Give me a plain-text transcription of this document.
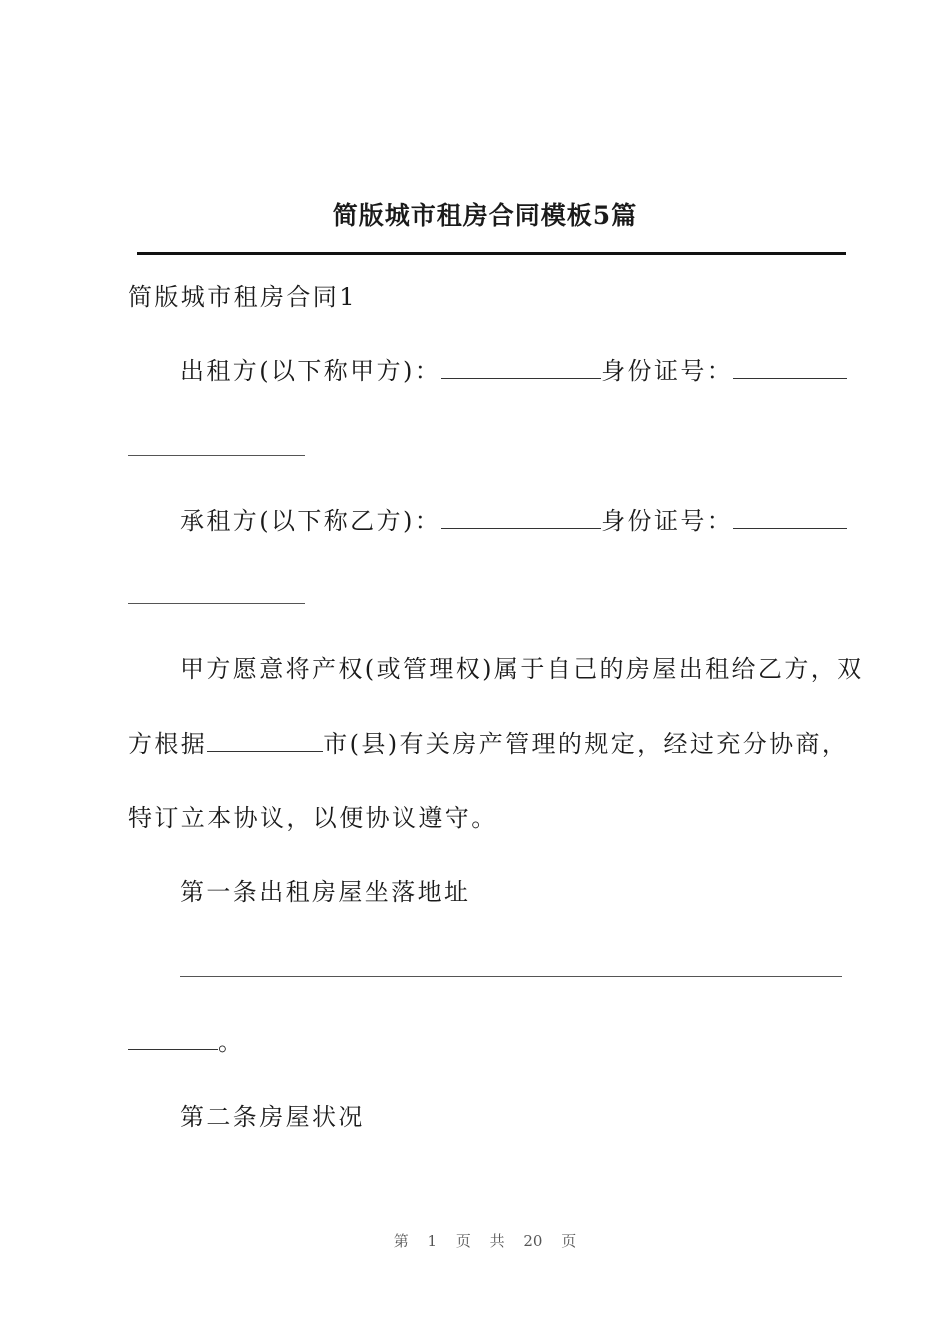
简版城市租房合同模板5篇
简版城市租房合同1
出租方(以下称甲方)：	身份证号：
承租方(以下称乙方)：	身份证号：
甲方愿意将产权(或管理权)属于自己的房屋出租给乙方，双
方根据	市(县)有关房产管理的规定，经过充分协商，
特订立本协议，以便协议遵守。
第一条出租房屋坐落地址
。
第二条房屋状况
第 1 页 共 20 页
